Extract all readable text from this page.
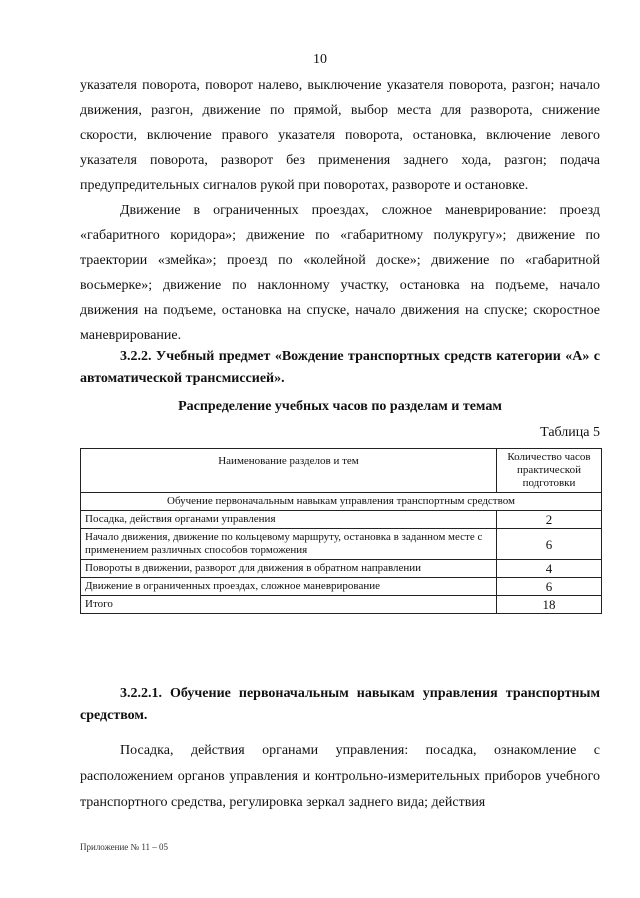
10
указателя поворота, поворот налево, выключение указателя поворота, разгон; начало движения, разгон, движение по прямой, выбор места для разворота, снижение скорости, включение правого указателя поворота, остановка, включение левого указателя поворота, разворот без применения заднего хода, разгон; подача предупредительных сигналов рукой при поворотах, развороте и остановке.
Движение в ограниченных проездах, сложное маневрирование: проезд «габаритного коридора»; движение по «габаритному полукругу»; движение по траектории «змейка»; проезд по «колейной доске»; движение по «габаритной восьмерке»; движение по наклонному участку, остановка на подъеме, начало движения на подъеме, остановка на спуске, начало движения на спуске; скоростное маневрирование.
3.2.2. Учебный предмет «Вождение транспортных средств категории «А» с автоматической трансмиссией».
Распределение учебных часов по разделам и темам
Таблица 5
Наименование разделов и тем	Количество часов практической подготовки
Обучение первоначальным навыкам управления транспортным средством	
Посадка, действия органами управления	2
Начало движения, движение по кольцевому маршруту, остановка в заданном месте с применением различных способов торможения	6
Повороты в движении, разворот для движения в обратном направлении	4
Движение в ограниченных проездах, сложное маневрирование	6
Итого	18
3.2.2.1. Обучение первоначальным навыкам управления транспортным средством.
Посадка, действия органами управления: посадка, ознакомление с расположением органов управления и контрольно-измерительных приборов учебного транспортного средства, регулировка зеркал заднего вида; действия
Приложение № 11 – 05
